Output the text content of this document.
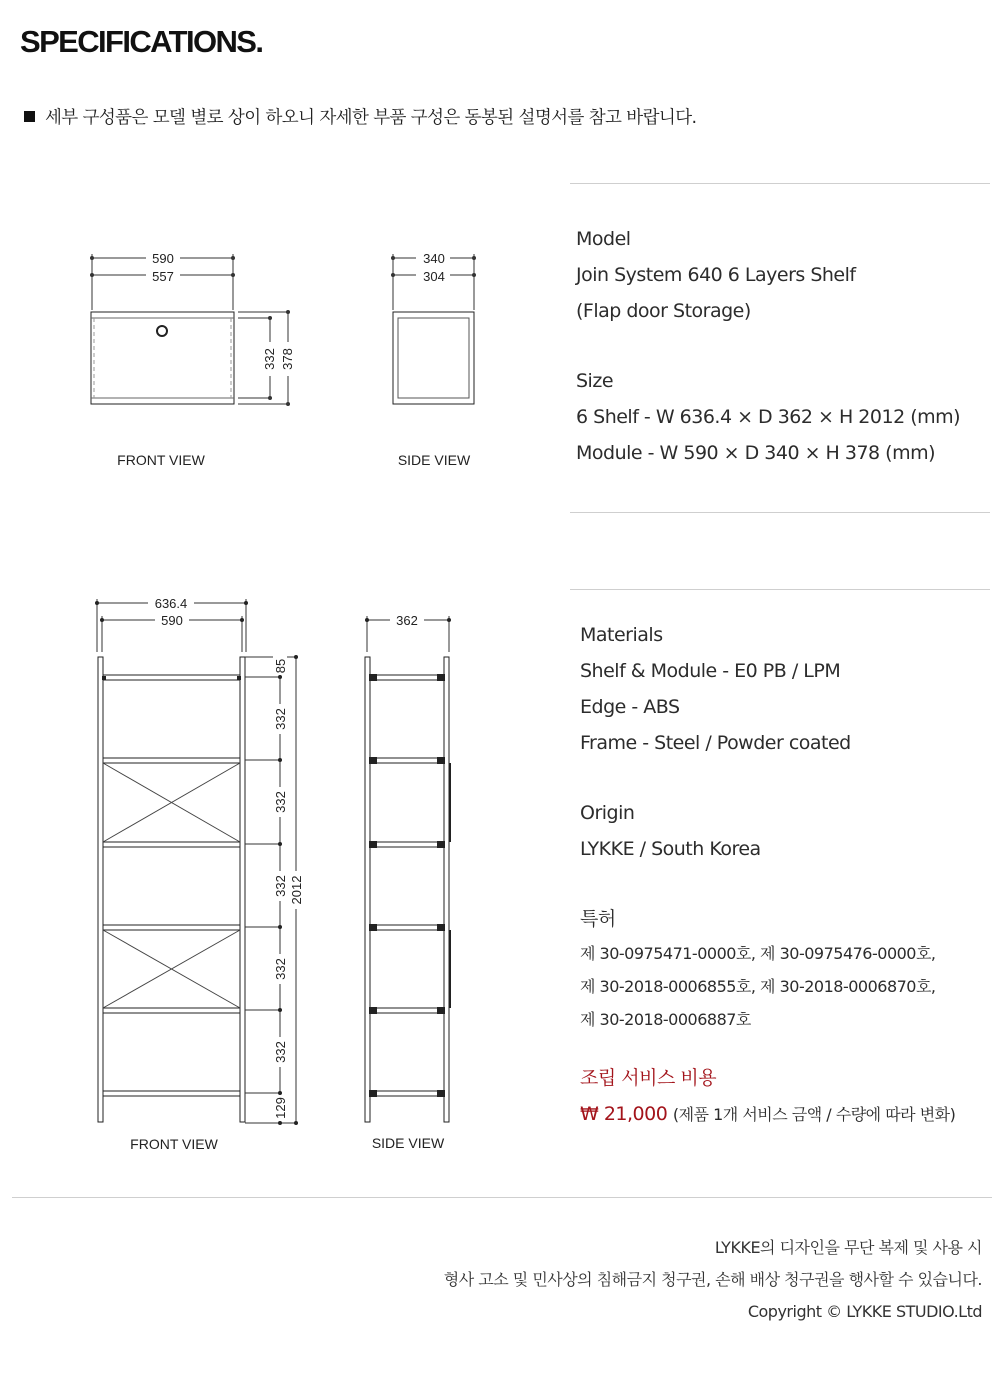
SPECIFICATIONS.
세부 구성품은 모델 별로 상이 하오니 자세한 부품 구성은 동봉된 설명서를 참고 바랍니다.
590
557
340
304
332 378
FRONT VIEW	SIDE VIEW
636.4
590	362
85
332
332
332
332
332
129
2012
FRONT VIEW	SIDE VIEW
Model
Join System 640 6 Layers Shelf
(Flap door Storage)
Size
6 Shelf - W 636.4 × D 362 × H 2012 (mm)
Module - W 590 × D 340 × H 378 (mm)
Materials
Shelf & Module - E0 PB / LPM
Edge - ABS
Frame - Steel / Powder coated
Origin
LYKKE / South Korea
특허
제 30-0975471-0000호, 제 30-0975476-0000호,
제 30-2018-0006855호, 제 30-2018-0006870호,
제 30-2018-0006887호
조립 서비스 비용
₩ 21,000 (제품 1개 서비스 금액 / 수량에 따라 변화)
LYKKE의 디자인을 무단 복제 및 사용 시
형사 고소 및 민사상의 침해금지 청구권, 손해 배상 청구권을 행사할 수 있습니다.
Copyright © LYKKE STUDIO.Ltd
